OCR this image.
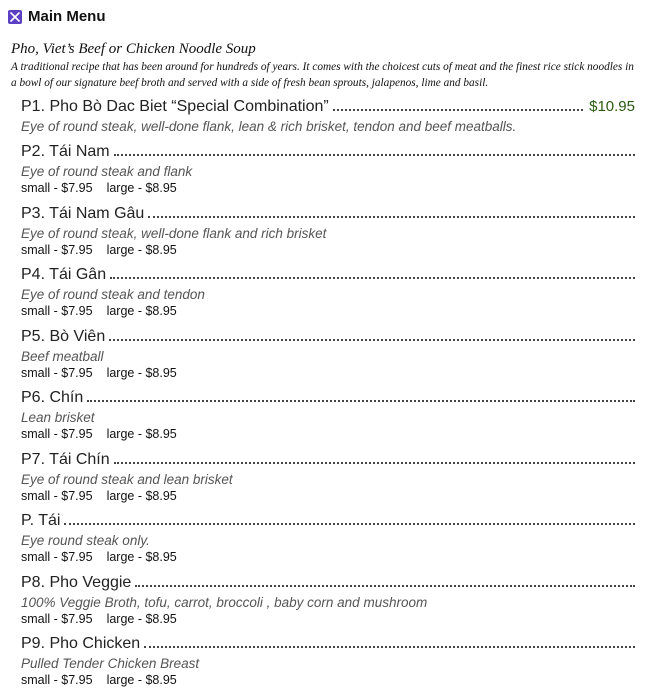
Main Menu
Pho, Viet’s Beef or Chicken Noodle Soup
A traditional recipe that has been around for hundreds of years. It comes with the choicest cuts of meat and the finest rice stick noodles in a bowl of our signature beef broth and served with a side of fresh bean sprouts, jalapenos, lime and basil.
P1. Pho Bò Dac Biet “Special Combination”	$10.95
Eye of round steak, well-done flank, lean & rich brisket, tendon and beef meatballs.
P2. Tái Nam
Eye of round steak and flank
small - $7.95 large - $8.95
P3. Tái Nam Gâu
Eye of round steak, well-done flank and rich brisket
small - $7.95 large - $8.95
P4. Tái Gân
Eye of round steak and tendon
small - $7.95 large - $8.95
P5. Bò Viên
Beef meatball
small - $7.95 large - $8.95
P6. Chín
Lean brisket
small - $7.95 large - $8.95
P7. Tái Chín
Eye of round steak and lean brisket
small - $7.95 large - $8.95
P. Tái
Eye round steak only.
small - $7.95 large - $8.95
P8. Pho Veggie
100% Veggie Broth, tofu, carrot, broccoli , baby corn and mushroom
small - $7.95 large - $8.95
P9. Pho Chicken
Pulled Tender Chicken Breast
small - $7.95 large - $8.95
